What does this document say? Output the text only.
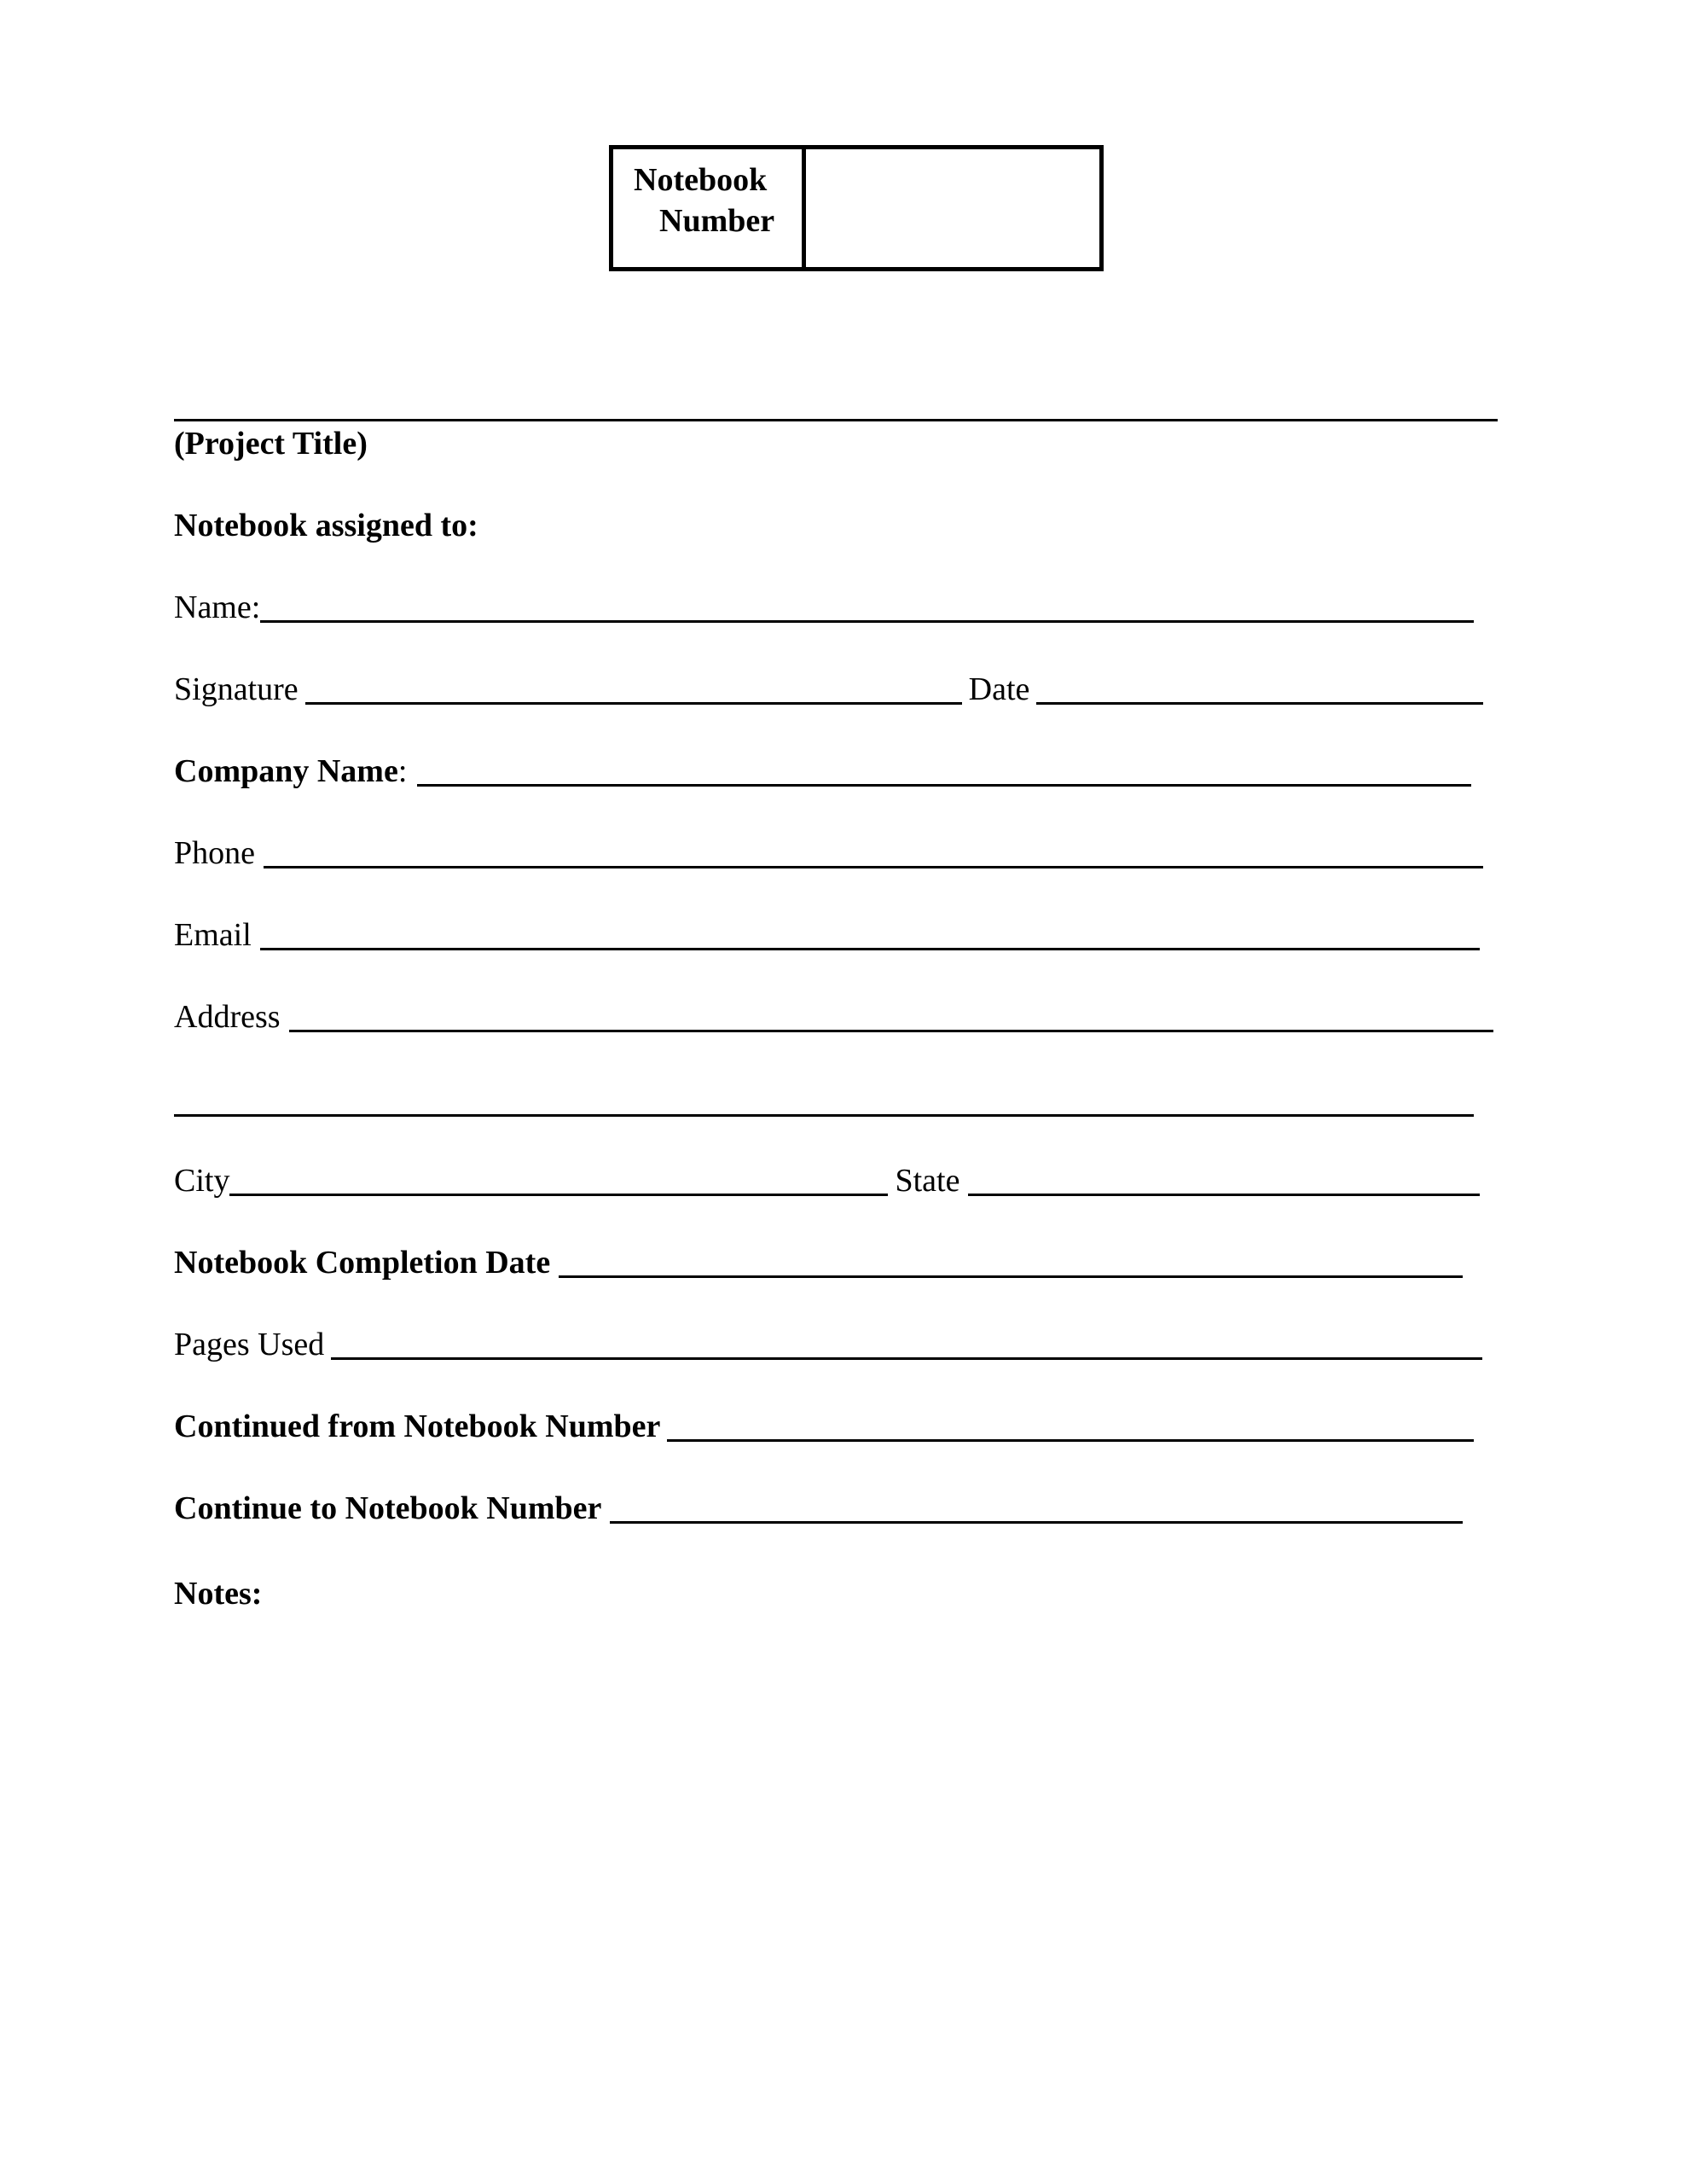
Notebook
Number
(Project Title)
Notebook assigned to:
Name:
Signature	Date
Company Name :
Phone
Email
Address
City	State
Notebook Completion Date
Pages Used
Continued from Notebook Number
Continue to Notebook Number
Notes:
